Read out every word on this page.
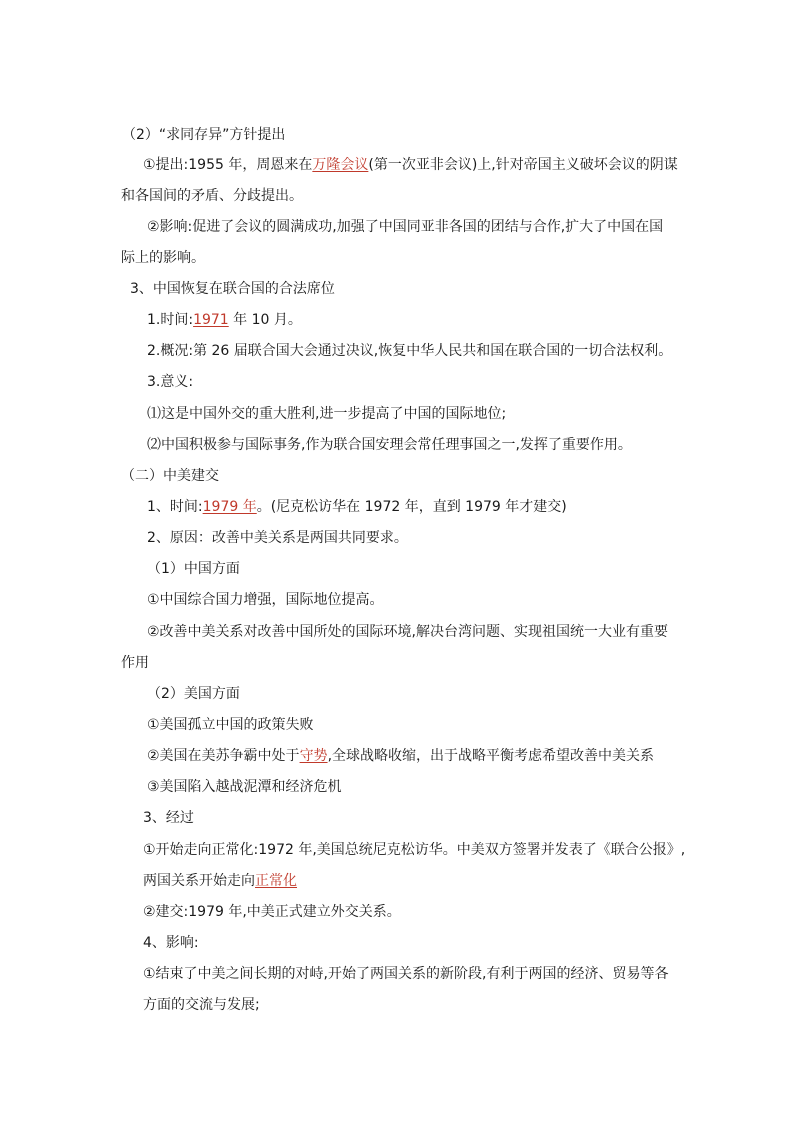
（2）“求同存异”方针提出
①提出:1955 年，周恩来在万隆会议(第一次亚非会议)上,针对帝国主义破坏会议的阴谋
和各国间的矛盾、分歧提出。
②影响:促进了会议的圆满成功,加强了中国同亚非各国的团结与合作,扩大了中国在国
际上的影响。
3、中国恢复在联合国的合法席位
1.时间:1971 年 10 月。
2.概况:第 26 届联合国大会通过决议,恢复中华人民共和国在联合国的一切合法权利。
3.意义:
⑴这是中国外交的重大胜利,进一步提高了中国的国际地位;
⑵中国积极参与国际事务,作为联合国安理会常任理事国之一,发挥了重要作用。
（二）中美建交
1、时间:1979 年。(尼克松访华在 1972 年，直到 1979 年才建交)
2、原因：改善中美关系是两国共同要求。
（1）中国方面
①中国综合国力增强，国际地位提高。
②改善中美关系对改善中国所处的国际环境,解决台湾问题、实现祖国统一大业有重要
作用
（2）美国方面
①美国孤立中国的政策失败
②美国在美苏争霸中处于守势,全球战略收缩，出于战略平衡考虑希望改善中美关系
③美国陷入越战泥潭和经济危机
3、经过
①开始走向正常化:1972 年,美国总统尼克松访华。中美双方签署并发表了《联合公报》,
两国关系开始走向正常化
②建交:1979 年,中美正式建立外交关系。
4、影响:
①结束了中美之间长期的对峙,开始了两国关系的新阶段,有利于两国的经济、贸易等各
方面的交流与发展;
